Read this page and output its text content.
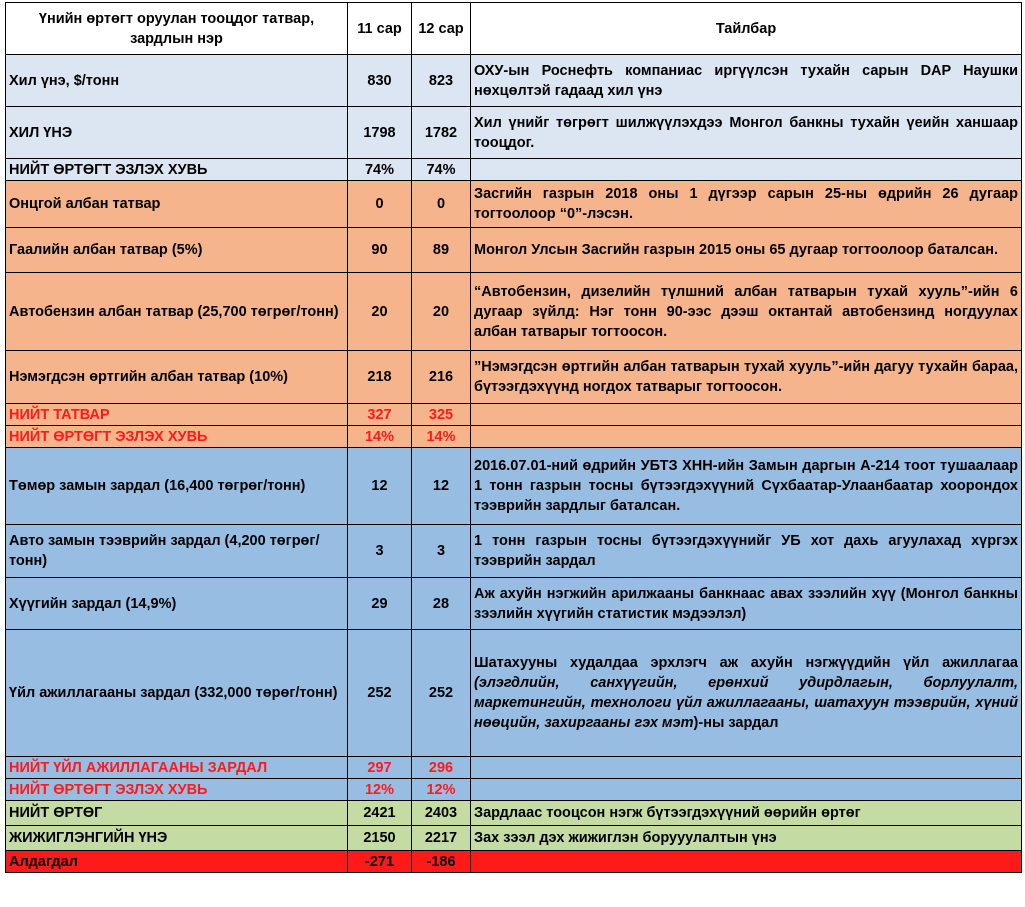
Үнийн өртөгт оруулан тооцдог татвар, зардлын нэр	11 сар	12 сар	Тайлбар
Хил үнэ, $/тонн	830	823	ОХУ-ын Роснефть компаниас иргүүлсэн тухайн сарын DAP Наушки нөхцөлтэй гадаад хил үнэ
ХИЛ ҮНЭ	1798	1782	Хил үнийг төгрөгт шилжүүлэхдээ Монгол банкны тухайн үеийн ханшаар тооцдог.
НИЙТ ӨРТӨГТ ЭЗЛЭХ ХУВЬ	74%	74%	
Онцгой албан татвар	0	0	Засгийн газрын 2018 оны 1 дүгээр сарын 25-ны өдрийн 26 дугаар тогтоолоор “0”-лэсэн.
Гаалийн албан татвар (5%)	90	89	Монгол Улсын Засгийн газрын 2015 оны 65 дугаар тогтоолоор баталсан.
Автобензин албан татвар (25,700 төгрөг/тонн)	20	20	“Автобензин, дизелийн түлшний албан татварын тухай хууль”-ийн 6 дугаар зүйлд: Нэг тонн 90-ээс дээш октантай автобензинд ногдуулах албан татварыг тогтоосон.
Нэмэгдсэн өртгийн албан татвар (10%)	218	216	”Нэмэгдсэн өртгийн албан татварын тухай хууль”-ийн дагуу тухайн бараа, бүтээгдэхүүнд ногдох татварыг тогтоосон.
НИЙТ ТАТВАР	327	325	
НИЙТ ӨРТӨГТ ЭЗЛЭХ ХУВЬ	14%	14%	
Төмөр замын зардал (16,400 төгрөг/тонн)	12	12	2016.07.01-ний өдрийн УБТЗ ХНН-ийн Замын даргын А-214 тоот тушаалаар 1 тонн газрын тосны бүтээгдэхүүний Сүхбаатар-Улаанбаатар хоорондох тээврийн зардлыг баталсан.
Авто замын тээврийн зардал (4,200 төгрөг/тонн)	3	3	1 тонн газрын тосны бүтээгдэхүүнийг УБ хот дахь агуулахад хүргэх тээврийн зардал
Хүүгийн зардал (14,9%)	29	28	Аж ахуйн нэгжийн арилжааны банкнаас авах зээлийн хүү (Монгол банкны зээлийн хүүгийн статистик мэдээлэл)
Үйл ажиллагааны зардал (332,000 төрөг/тонн)	252	252	Шатахууны худалдаа эрхлэгч аж ахуйн нэгжүүдийн үйл ажиллагаа (элэгдлийн, санхүүгийн, ерөнхий удирдлагын, борлуулалт, маркетингийн, технологи үйл ажиллагааны, шатахуун тээврийн, хүний нөөцийн, захиргааны гэх мэт)-ны зардал
НИЙТ ҮЙЛ АЖИЛЛАГААНЫ ЗАРДАЛ	297	296	
НИЙТ ӨРТӨГТ ЭЗЛЭХ ХУВЬ	12%	12%	
НИЙТ ӨРТӨГ	2421	2403	Зардлаас тооцсон нэгж бүтээгдэхүүний өөрийн өртөг
ЖИЖИГЛЭНГИЙН ҮНЭ	2150	2217	Зах зээл дэх жижиглэн борууулалтын үнэ
Алдагдал	-271	-186	
